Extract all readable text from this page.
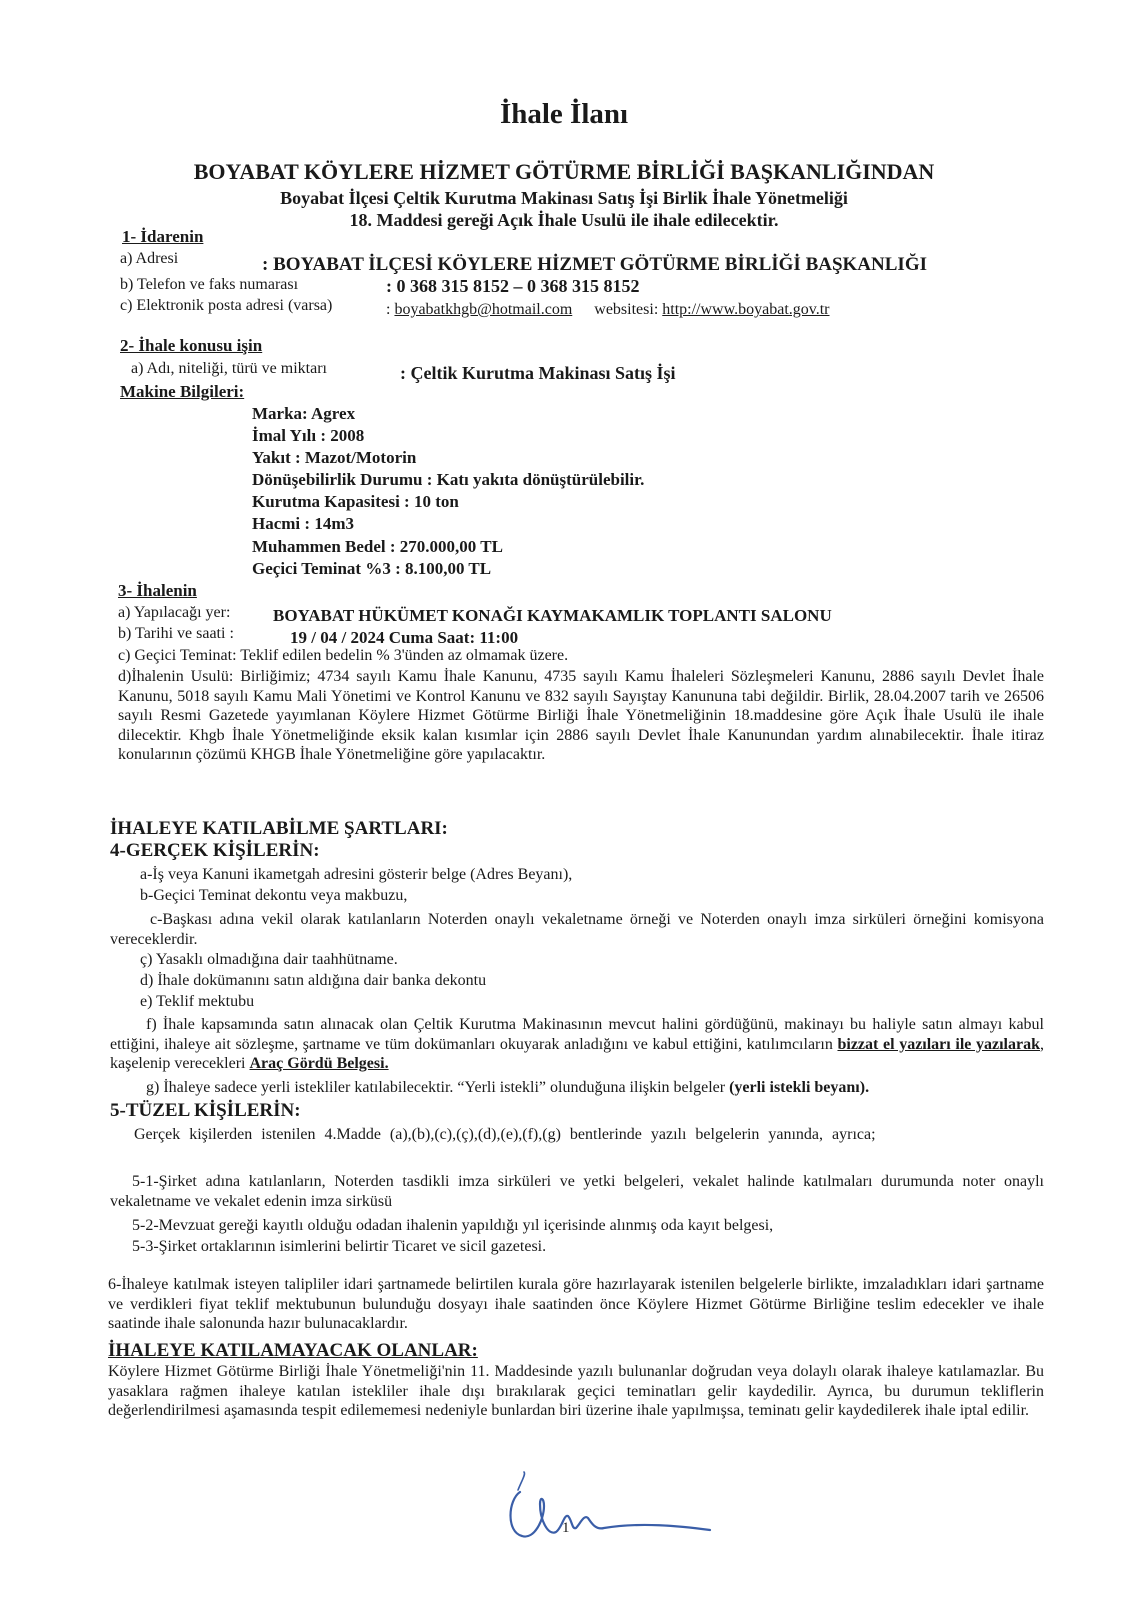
İhale İlanı
BOYABAT KÖYLERE HİZMET GÖTÜRME BİRLİĞİ BAŞKANLIĞINDAN
Boyabat İlçesi Çeltik Kurutma Makinası Satış İşi Birlik İhale Yönetmeliği
18. Maddesi gereği Açık İhale Usulü ile ihale edilecektir.
1- İdarenin
a) Adresi	: BOYABAT İLÇESİ KÖYLERE HİZMET GÖTÜRME BİRLİĞİ BAŞKANLIĞI
b) Telefon ve faks numarası	: 0 368 315 8152 – 0 368 315 8152
c) Elektronik posta adresi (varsa)	: boyabatkhgb@hotmail.com websitesi: http://www.boyabat.gov.tr
2- İhale konusu işin
a) Adı, niteliği, türü ve miktarı	: Çeltik Kurutma Makinası Satış İşi
Makine Bilgileri:
Marka: Agrex
İmal Yılı : 2008
Yakıt : Mazot/Motorin
Dönüşebilirlik Durumu : Katı yakıta dönüştürülebilir.
Kurutma Kapasitesi : 10 ton
Hacmi : 14m3
Muhammen Bedel : 270.000,00 TL
Geçici Teminat %3 : 8.100,00 TL
3- İhalenin
a) Yapılacağı yer:	BOYABAT HÜKÜMET KONAĞI KAYMAKAMLIK TOPLANTI SALONU
b) Tarihi ve saati :	19 / 04 / 2024 Cuma Saat: 11:00
c) Geçici Teminat: Teklif edilen bedelin % 3'ünden az olmamak üzere.
d)İhalenin Usulü: Birliğimiz; 4734 sayılı Kamu İhale Kanunu, 4735 sayılı Kamu İhaleleri Sözleşmeleri Kanunu, 2886 sayılı Devlet İhale Kanunu, 5018 sayılı Kamu Mali Yönetimi ve Kontrol Kanunu ve 832 sayılı Sayıştay Kanununa tabi değildir. Birlik, 28.04.2007 tarih ve 26506 sayılı Resmi Gazetede yayımlanan Köylere Hizmet Götürme Birliği İhale Yönetmeliğinin 18.maddesine göre Açık İhale Usulü ile ihale dilecektir. Khgb İhale Yönetmeliğinde eksik kalan kısımlar için 2886 sayılı Devlet İhale Kanunundan yardım alınabilecektir. İhale itiraz konularının çözümü KHGB İhale Yönetmeliğine göre yapılacaktır.
İHALEYE KATILABİLME ŞARTLARI:
4-GERÇEK KİŞİLERİN:
a-İş veya Kanuni ikametgah adresini gösterir belge (Adres Beyanı),
b-Geçici Teminat dekontu veya makbuzu,
c-Başkası adına vekil olarak katılanların Noterden onaylı vekaletname örneği ve Noterden onaylı imza sirküleri örneğini komisyona vereceklerdir.
ç) Yasaklı olmadığına dair taahhütname.
d) İhale dokümanını satın aldığına dair banka dekontu
e) Teklif mektubu
f) İhale kapsamında satın alınacak olan Çeltik Kurutma Makinasının mevcut halini gördüğünü, makinayı bu haliyle satın almayı kabul ettiğini, ihaleye ait sözleşme, şartname ve tüm dokümanları okuyarak anladığını ve kabul ettiğini, katılımcıların bizzat el yazıları ile yazılarak, kaşelenip verecekleri Araç Gördü Belgesi.
g) İhaleye sadece yerli istekliler katılabilecektir. “Yerli istekli” olunduğuna ilişkin belgeler (yerli istekli beyanı).
5-TÜZEL KİŞİLERİN:
Gerçek kişilerden istenilen 4.Madde (a),(b),(c),(ç),(d),(e),(f),(g) bentlerinde yazılı belgelerin yanında, ayrıca;
5-1-Şirket adına katılanların, Noterden tasdikli imza sirküleri ve yetki belgeleri, vekalet halinde katılmaları durumunda noter onaylı vekaletname ve vekalet edenin imza sirküsü
5-2-Mevzuat gereği kayıtlı olduğu odadan ihalenin yapıldığı yıl içerisinde alınmış oda kayıt belgesi,
5-3-Şirket ortaklarının isimlerini belirtir Ticaret ve sicil gazetesi.
6-İhaleye katılmak isteyen talipliler idari şartnamede belirtilen kurala göre hazırlayarak istenilen belgelerle birlikte, imzaladıkları idari şartname ve verdikleri fiyat teklif mektubunun bulunduğu dosyayı ihale saatinden önce Köylere Hizmet Götürme Birliğine teslim edecekler ve ihale saatinde ihale salonunda hazır bulunacaklardır.
İHALEYE KATILAMAYACAK OLANLAR:
Köylere Hizmet Götürme Birliği İhale Yönetmeliği'nin 11. Maddesinde yazılı bulunanlar doğrudan veya dolaylı olarak ihaleye katılamazlar. Bu yasaklara rağmen ihaleye katılan istekliler ihale dışı bırakılarak geçici teminatları gelir kaydedilir. Ayrıca, bu durumun tekliflerin değerlendirilmesi aşamasında tespit edilememesi nedeniyle bunlardan biri üzerine ihale yapılmışsa, teminatı gelir kaydedilerek ihale iptal edilir.
1
